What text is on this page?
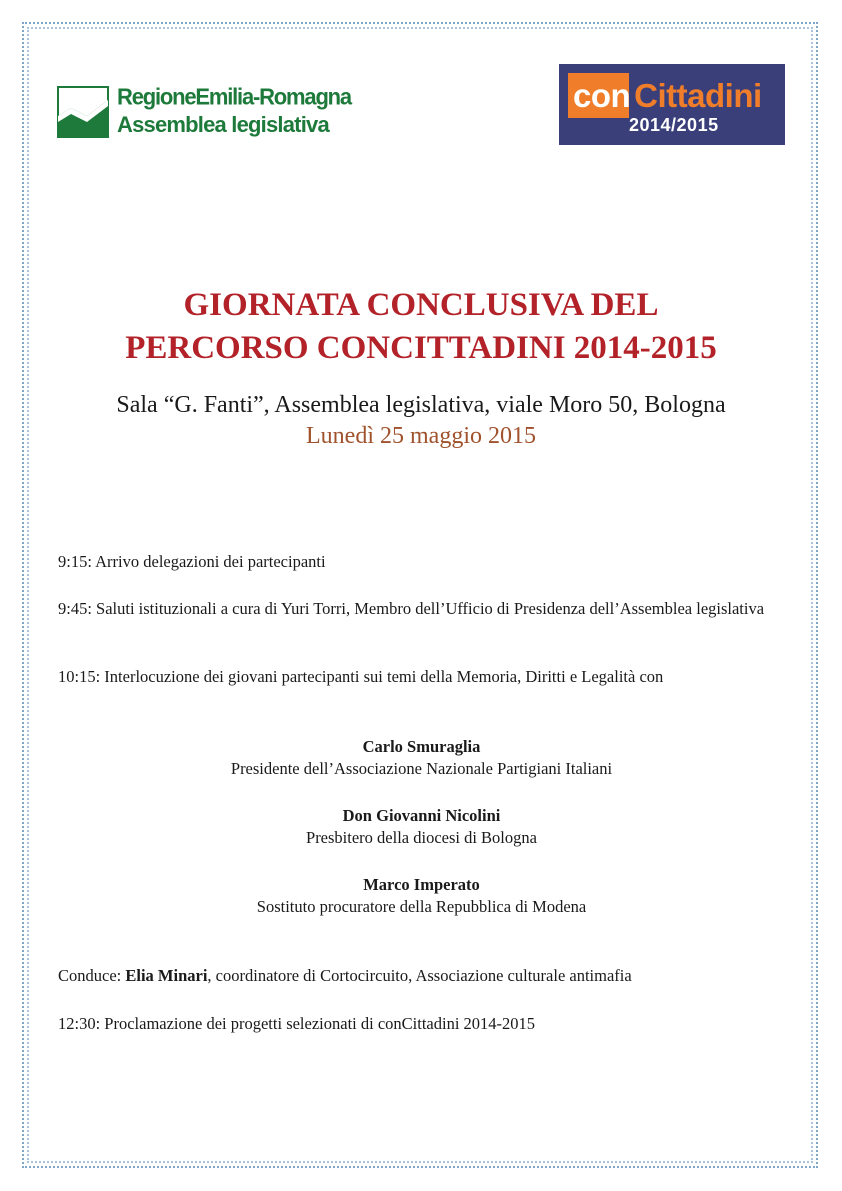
RegioneEmilia-Romagna
Assemblea legislativa
con Cittadini
2014/2015
GIORNATA CONCLUSIVA DEL
PERCORSO CONCITTADINI 2014-2015

Sala “G. Fanti”, Assemblea legislativa, viale Moro 50, Bologna

Lunedì 25 maggio 2015

9:15: Arrivo delegazioni dei partecipanti

9:45: Saluti istituzionali a cura di Yuri Torri, Membro dell’Ufficio di Presidenza dell’Assemblea legislativa

10:15: Interlocuzione dei giovani partecipanti sui temi della Memoria, Diritti e Legalità con

Carlo Smuraglia
Presidente dell’Associazione Nazionale Partigiani Italiani

Don Giovanni Nicolini
Presbitero della diocesi di Bologna

Marco Imperato
Sostituto procuratore della Repubblica di Modena

Conduce: Elia Minari, coordinatore di Cortocircuito, Associazione culturale antimafia

12:30: Proclamazione dei progetti selezionati di conCittadini 2014-2015
